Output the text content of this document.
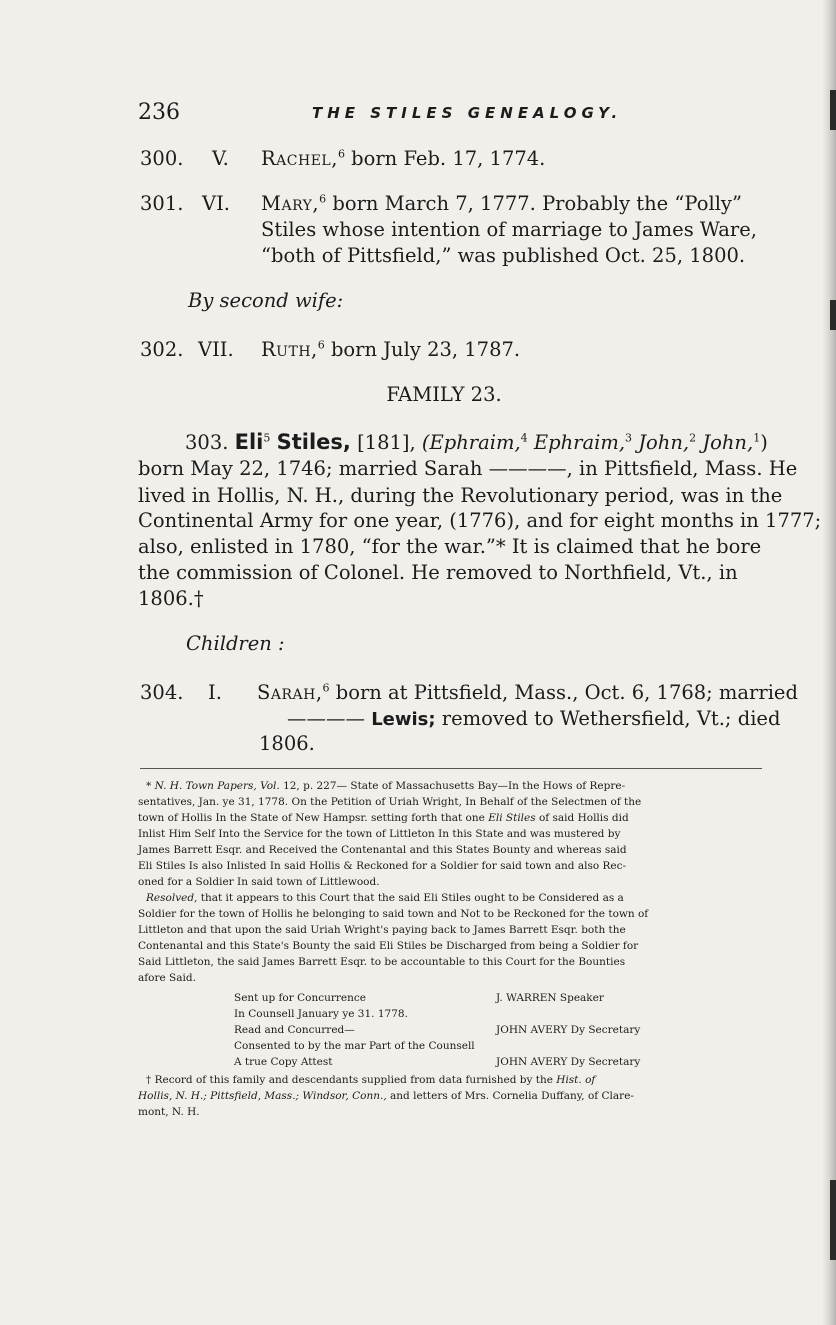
236	THE STILES GENEALOGY.
300. V. Rachel,$^6$ born Feb. 17, 1774.
301. VI. Mary,$^6$ born March 7, 1777. Probably the “Polly”
Stiles whose intention of marriage to James Ware,
“both of Pittsfield,” was published Oct. 25, 1800.
By second wife:
302. VII. Ruth,$^6$ born July 23, 1787.
FAMILY 23.
303. Eli$^5$ Stiles, [181], (Ephraim,$^4$ Ephraim,$^3$ John,$^2$ John,$^1$)
born May 22, 1746; married Sarah ————, in Pittsfield, Mass. He
lived in Hollis, N. H., during the Revolutionary period, was in the
Continental Army for one year, (1776), and for eight months in 1777;
also, enlisted in 1780, “for the war.”* It is claimed that he bore
the commission of Colonel. He removed to Northfield, Vt., in
1806.†
Children :
304. I. Sarah,$^6$ born at Pittsfield, Mass., Oct. 6, 1768; married
———— Lewis; removed to Wethersfield, Vt.; died
1806.
* N. H. Town Papers, Vol. 12, p. 227— State of Massachusetts Bay—In the Hows of Repre-
sentatives, Jan. ye 31, 1778. On the Petition of Uriah Wright, In Behalf of the Selectmen of the
town of Hollis In the State of New Hampsr. setting forth that one Eli Stiles of said Hollis did
Inlist Him Self Into the Service for the town of Littleton In this State and was mustered by
James Barrett Esqr. and Received the Contenantal and this States Bounty and whereas said
Eli Stiles Is also Inlisted In said Hollis & Reckoned for a Soldier for said town and also Rec-
oned for a Soldier In said town of Littlewood.
Resolved, that it appears to this Court that the said Eli Stiles ought to be Considered as a
Soldier for the town of Hollis he belonging to said town and Not to be Reckoned for the town of
Littleton and that upon the said Uriah Wright's paying back to James Barrett Esqr. both the
Contenantal and this State's Bounty the said Eli Stiles be Discharged from being a Soldier for
Said Littleton, the said James Barrett Esqr. to be accountable to this Court for the Bounties
afore Said.
Sent up for Concurrence	J. WARREN Speaker
In Counsell January ye 31. 1778.
Read and Concurred—	JOHN AVERY Dy Secretary
Consented to by the mar Part of the Counsell
A true Copy Attest	JOHN AVERY Dy Secretary
† Record of this family and descendants supplied from data furnished by the Hist. of
Hollis, N. H.; Pittsfield, Mass.; Windsor, Conn., and letters of Mrs. Cornelia Duffany, of Clare-
mont, N. H.
